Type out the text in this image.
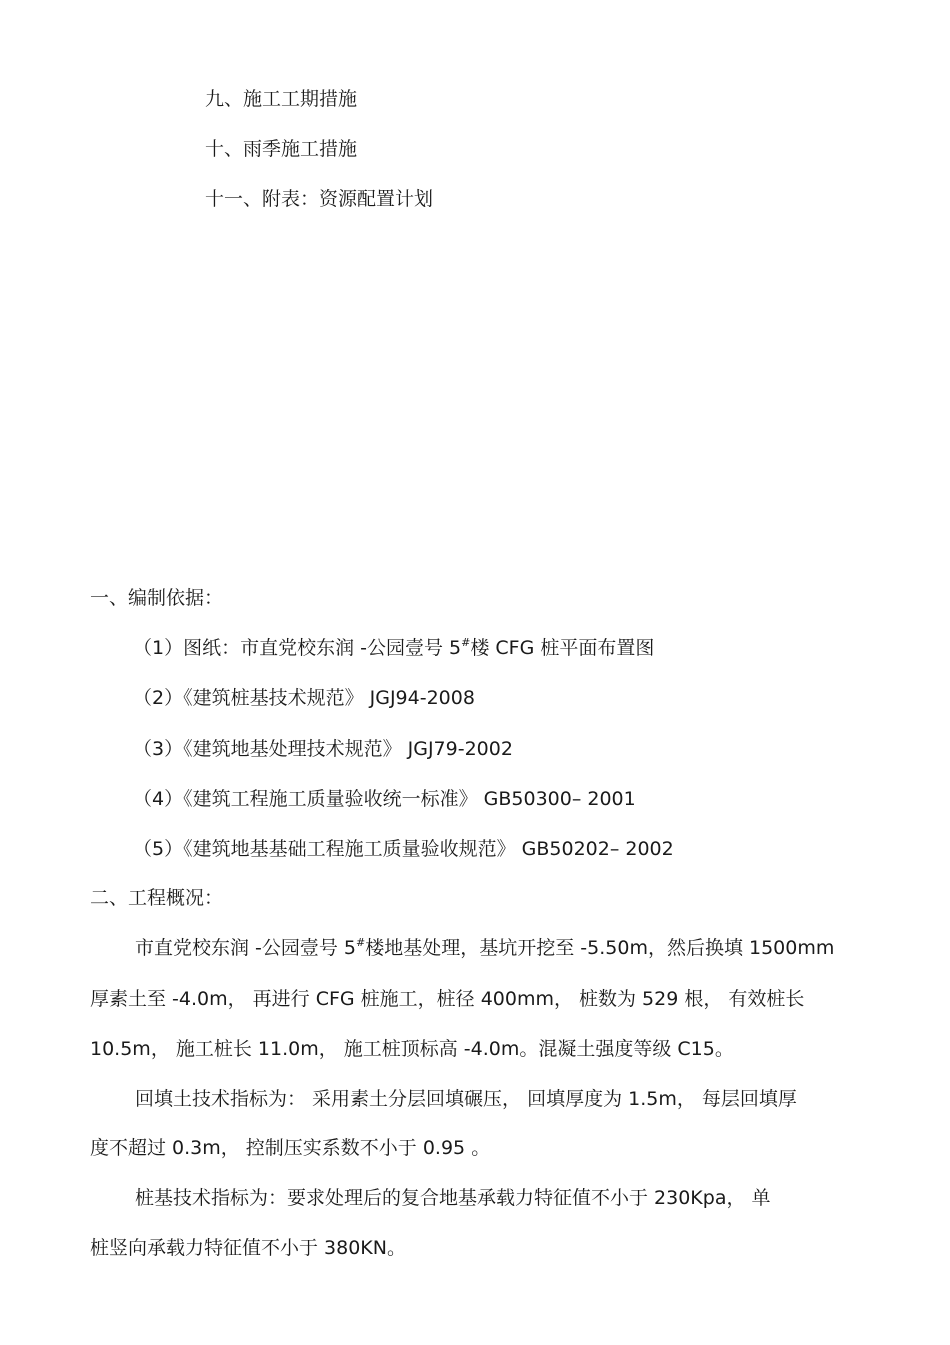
九、施工工期措施
十、雨季施工措施
十一、附表：资源配置计划
一、编制依据：
（1）图纸：市直党校东润 -公园壹号 5#楼 CFG 桩平面布置图
（2）《建筑桩基技术规范》 JGJ94-2008
（3）《建筑地基处理技术规范》 JGJ79-2002
（4）《建筑工程施工质量验收统一标准》 GB50300– 2001
（5）《建筑地基基础工程施工质量验收规范》 GB50202– 2002
二、工程概况：
市直党校东润 -公园壹号 5#楼地基处理，基坑开挖至 -5.50m，然后换填 1500mm
厚素土至 -4.0m， 再进行 CFG 桩施工，桩径 400mm， 桩数为 529 根， 有效桩长
10.5m， 施工桩长 11.0m， 施工桩顶标高 -4.0m。混凝土强度等级 C15。
回填土技术指标为： 采用素土分层回填碾压， 回填厚度为 1.5m， 每层回填厚
度不超过 0.3m， 控制压实系数不小于 0.95 。
桩基技术指标为：要求处理后的复合地基承载力特征值不小于 230Kpa， 单
桩竖向承载力特征值不小于 380KN。
